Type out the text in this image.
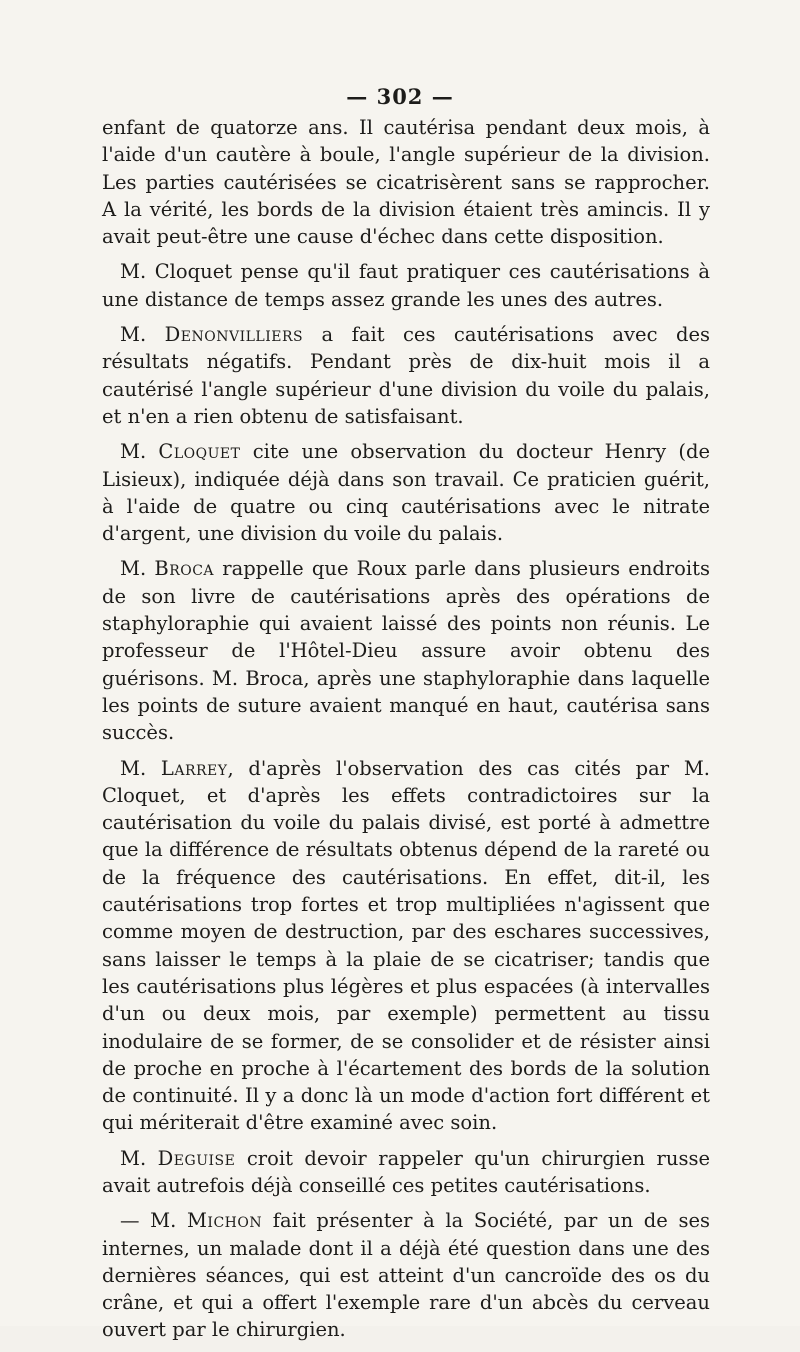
— 302 —

enfant de quatorze ans. Il cautérisa pendant deux mois, à l'aide d'un cautère à boule, l'angle supérieur de la division. Les parties cautérisées se cicatrisèrent sans se rapprocher. A la vérité, les bords de la division étaient très amincis. Il y avait peut-être une cause d'échec dans cette disposition.

M. Cloquet pense qu'il faut pratiquer ces cautérisations à une distance de temps assez grande les unes des autres.

M. Denonvilliers a fait ces cautérisations avec des résultats négatifs. Pendant près de dix-huit mois il a cautérisé l'angle supérieur d'une division du voile du palais, et n'en a rien obtenu de satisfaisant.

M. Cloquet cite une observation du docteur Henry (de Lisieux), indiquée déjà dans son travail. Ce praticien guérit, à l'aide de quatre ou cinq cautérisations avec le nitrate d'argent, une division du voile du palais.

M. Broca rappelle que Roux parle dans plusieurs endroits de son livre de cautérisations après des opérations de staphyloraphie qui avaient laissé des points non réunis. Le professeur de l'Hôtel-Dieu assure avoir obtenu des guérisons. M. Broca, après une staphyloraphie dans laquelle les points de suture avaient manqué en haut, cautérisa sans succès.

M. Larrey, d'après l'observation des cas cités par M. Cloquet, et d'après les effets contradictoires sur la cautérisation du voile du palais divisé, est porté à admettre que la différence de résultats obtenus dépend de la rareté ou de la fréquence des cautérisations. En effet, dit-il, les cautérisations trop fortes et trop multipliées n'agissent que comme moyen de destruction, par des eschares successives, sans laisser le temps à la plaie de se cicatriser; tandis que les cautérisations plus légères et plus espacées (à intervalles d'un ou deux mois, par exemple) permettent au tissu inodulaire de se former, de se consolider et de résister ainsi de proche en proche à l'écartement des bords de la solution de continuité. Il y a donc là un mode d'action fort différent et qui mériterait d'être examiné avec soin.

M. Deguise croit devoir rappeler qu'un chirurgien russe avait autrefois déjà conseillé ces petites cautérisations.

— M. Michon fait présenter à la Société, par un de ses internes, un malade dont il a déjà été question dans une des dernières séances, qui est atteint d'un cancroïde des os du crâne, et qui a offert l'exemple rare d'un abcès du cerveau ouvert par le chirurgien.
